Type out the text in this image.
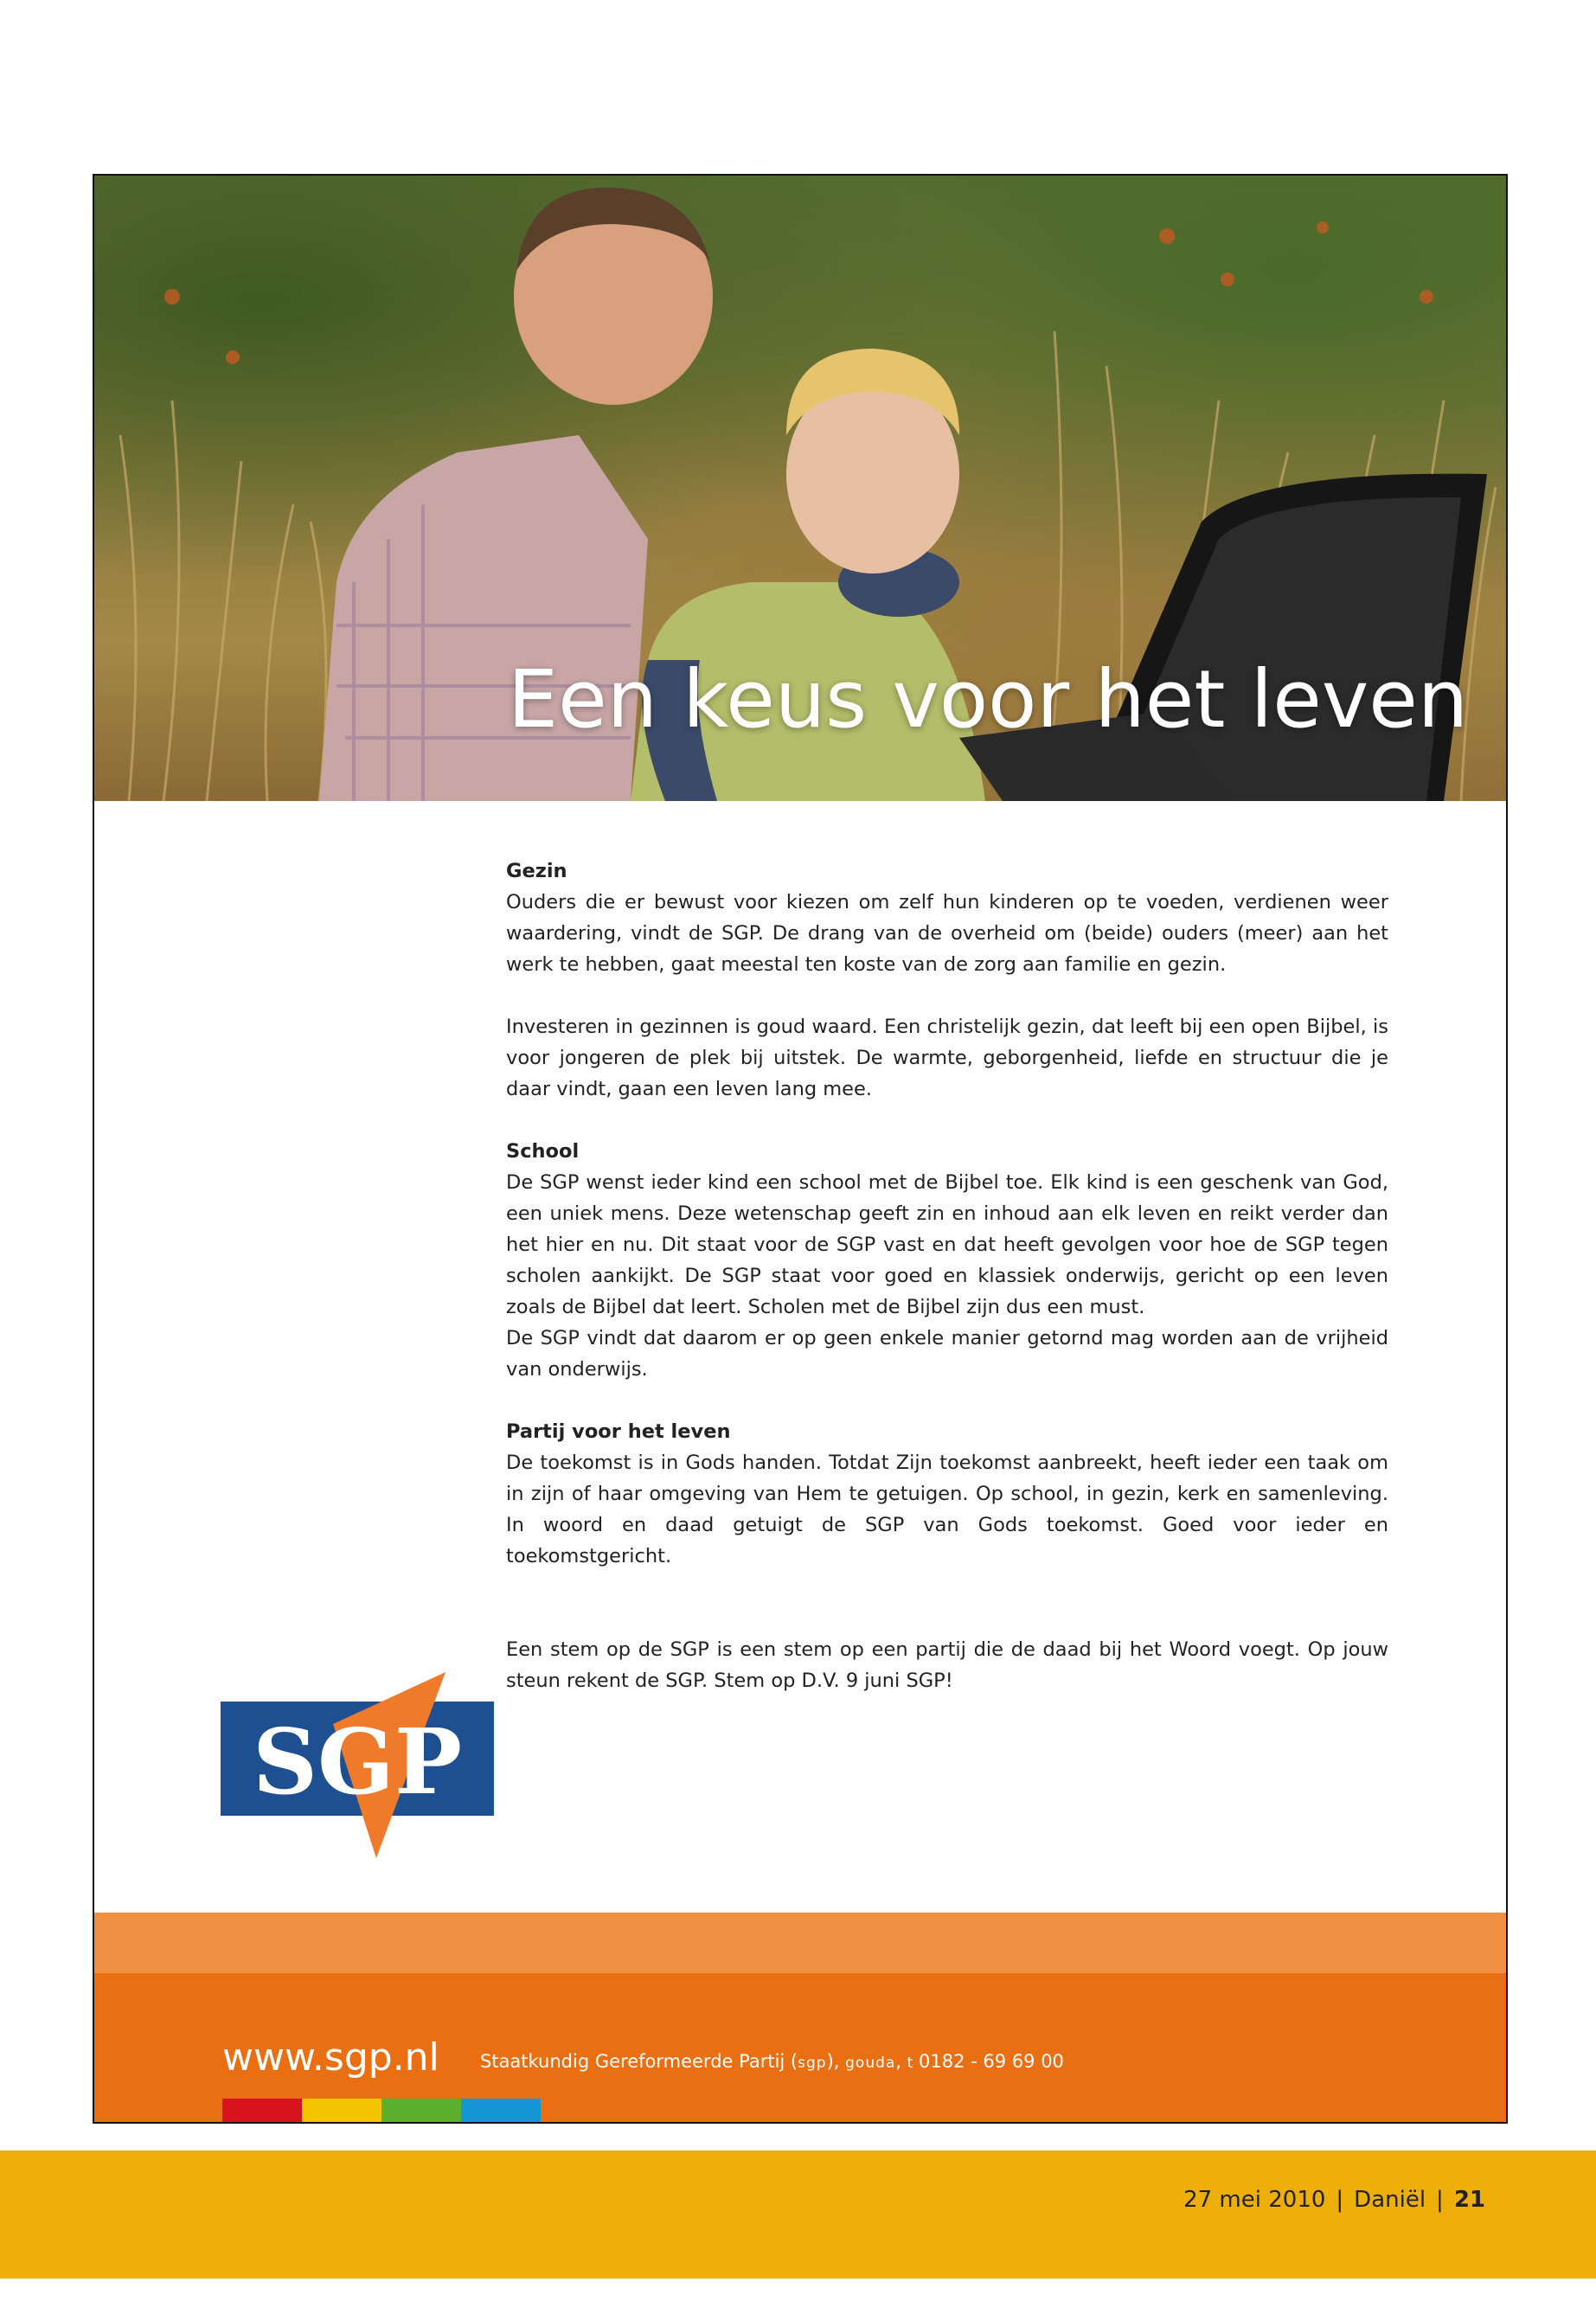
Een keus voor het leven
Gezin

Ouders die er bewust voor kiezen om zelf hun kinderen op te voeden, verdienen weer waardering, vindt de SGP. De drang van de overheid om (beide) ouders (meer) aan het werk te hebben, gaat meestal ten koste van de zorg aan familie en gezin.

Investeren in gezinnen is goud waard. Een christelijk gezin, dat leeft bij een open Bijbel, is voor jongeren de plek bij uitstek. De warmte, geborgenheid, liefde en structuur die je daar vindt, gaan een leven lang mee.

School

De SGP wenst ieder kind een school met de Bijbel toe. Elk kind is een geschenk van God, een uniek mens. Deze wetenschap geeft zin en inhoud aan elk leven en reikt verder dan het hier en nu. Dit staat voor de SGP vast en dat heeft gevolgen voor hoe de SGP tegen scholen aankijkt. De SGP staat voor goed en klassiek onderwijs, gericht op een leven zoals de Bijbel dat leert. Scholen met de Bijbel zijn dus een must.

De SGP vindt dat daarom er op geen enkele manier getornd mag worden aan de vrijheid van onderwijs.

Partij voor het leven

De toekomst is in Gods handen. Totdat Zijn toekomst aanbreekt, heeft ieder een taak om in zijn of haar omgeving van Hem te getuigen. Op school, in gezin, kerk en samenleving. In woord en daad getuigt de SGP van Gods toekomst. Goed voor ieder en toekomstgericht.

Een stem op de SGP is een stem op een partij die de daad bij het Woord voegt. Op jouw steun rekent de SGP. Stem op D.V. 9 juni SGP!

SGP
www.sgp.nl Staatkundig Gereformeerde Partij (sgp), gouda, t 0182 - 69 69 00
27 mei 2010 | Daniël | 21
